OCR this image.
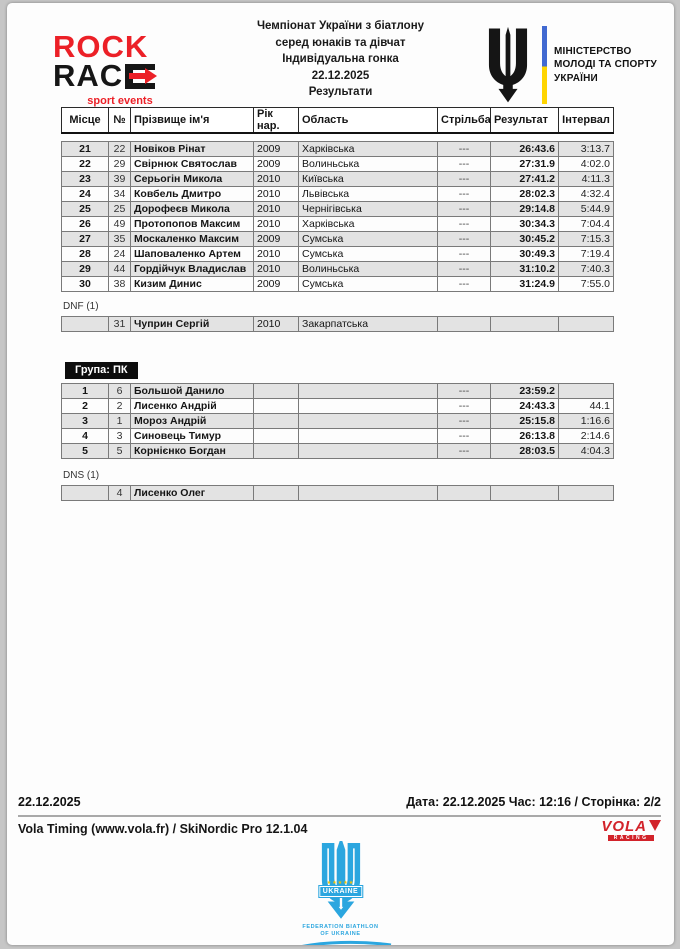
ROCK
RAC
sport events
Чемпіонат України з біатлону
серед юнаків та дівчат
Індивідуальна гонка
22.12.2025
Результати
МІНІСТЕРСТВО
МОЛОДІ ТА СПОРТУ
УКРАЇНИ
Місце	№	Прізвище ім'я	Рік нар.	Область	Стрільба	Результат	Інтервал
21	22	Новіков Рінат	2009	Харківська	---	26:43.6	3:13.7
22	29	Свірнюк Святослав	2009	Волиньська	---	27:31.9	4:02.0
23	39	Серьогін Микола	2010	Київська	---	27:41.2	4:11.3
24	34	Ковбель Дмитро	2010	Львівська	---	28:02.3	4:32.4
25	25	Дорофеєв Микола	2010	Чернігівська	---	29:14.8	5:44.9
26	49	Протопопов Максим	2010	Харківська	---	30:34.3	7:04.4
27	35	Москаленко Максим	2009	Сумська	---	30:45.2	7:15.3
28	24	Шаповаленко Артем	2010	Сумська	---	30:49.3	7:19.4
29	44	Гордійчук Владислав	2010	Волиньська	---	31:10.2	7:40.3
30	38	Кизим Динис	2009	Сумська	---	31:24.9	7:55.0
DNF (1)
	31	Чуприн Сергій	2010	Закарпатська			
Група: ПК
1	6	Большой Данило			---	23:59.2	
2	2	Лисенко Андрій			---	24:43.3	44.1
3	1	Мороз Андрій			---	25:15.8	1:16.6
4	3	Синовець Тимур			---	26:13.8	2:14.6
5	5	Корнієнко Богдан			---	28:03.5	4:04.3
DNS (1)
	4	Лисенко Олег					
22.12.2025	Дата: 22.12.2025 Час: 12:16 / Сторінка: 2/2
Vola Timing (www.vola.fr) / SkiNordic Pro 12.1.04	VOLA
RACING
★★★★★
UKRAINE
FEDERATION BIATHLON
OF UKRAINE
